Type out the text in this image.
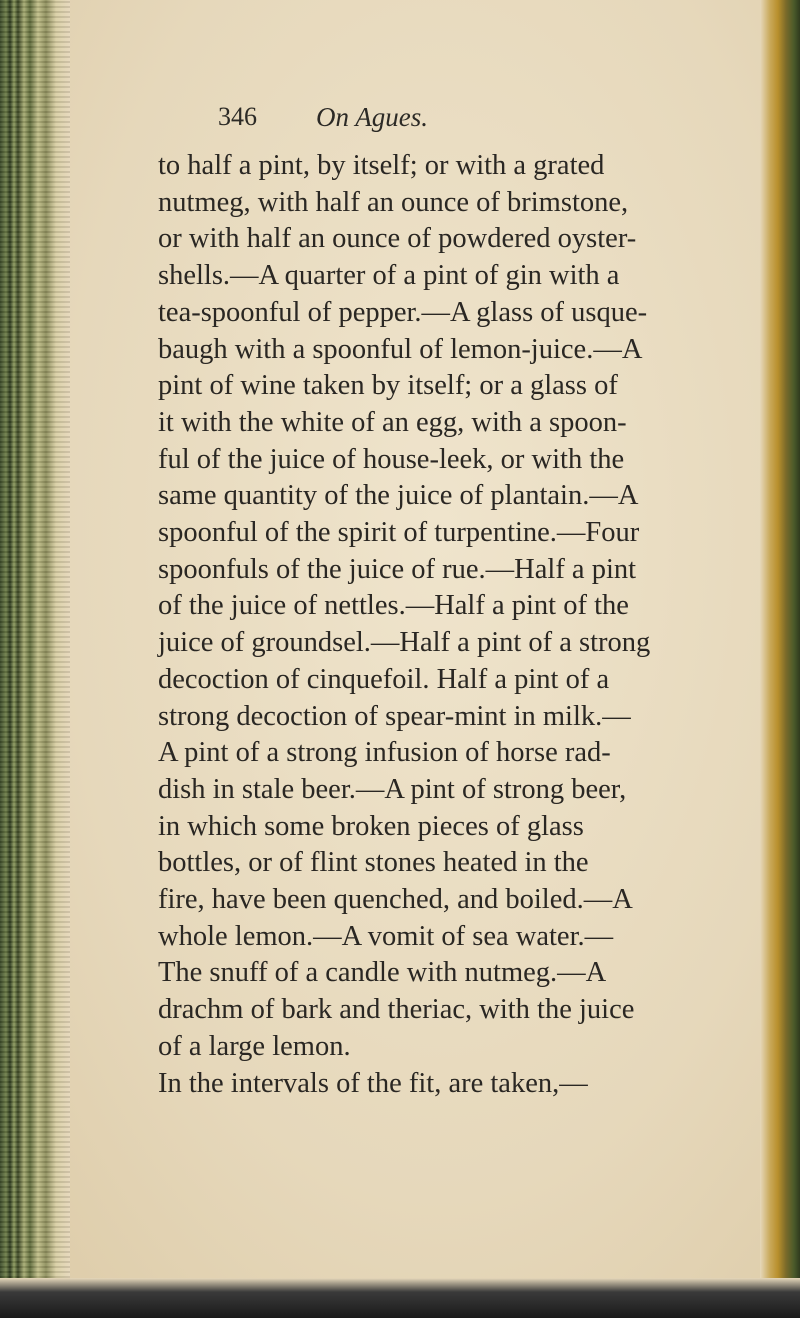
346 On Agues.
to half a pint, by itself; or with a grated
nutmeg, with half an ounce of brimstone,
or with half an ounce of powdered oyster-
shells.—A quarter of a pint of gin with a
tea-spoonful of pepper.—A glass of usque-
baugh with a spoonful of lemon-juice.—A
pint of wine taken by itself; or a glass of
it with the white of an egg, with a spoon-
ful of the juice of house-leek, or with the
same quantity of the juice of plantain.—A
spoonful of the spirit of turpentine.—Four
spoonfuls of the juice of rue.—Half a pint
of the juice of nettles.—Half a pint of the
juice of groundsel.—Half a pint of a strong
decoction of cinquefoil. Half a pint of a
strong decoction of spear-mint in milk.—
A pint of a strong infusion of horse rad-
dish in stale beer.—A pint of strong beer,
in which some broken pieces of glass
bottles, or of flint stones heated in the
fire, have been quenched, and boiled.—A
whole lemon.—A vomit of sea water.—
The snuff of a candle with nutmeg.—A
drachm of bark and theriac, with the juice
of a large lemon.
In the intervals of the fit, are taken,—
